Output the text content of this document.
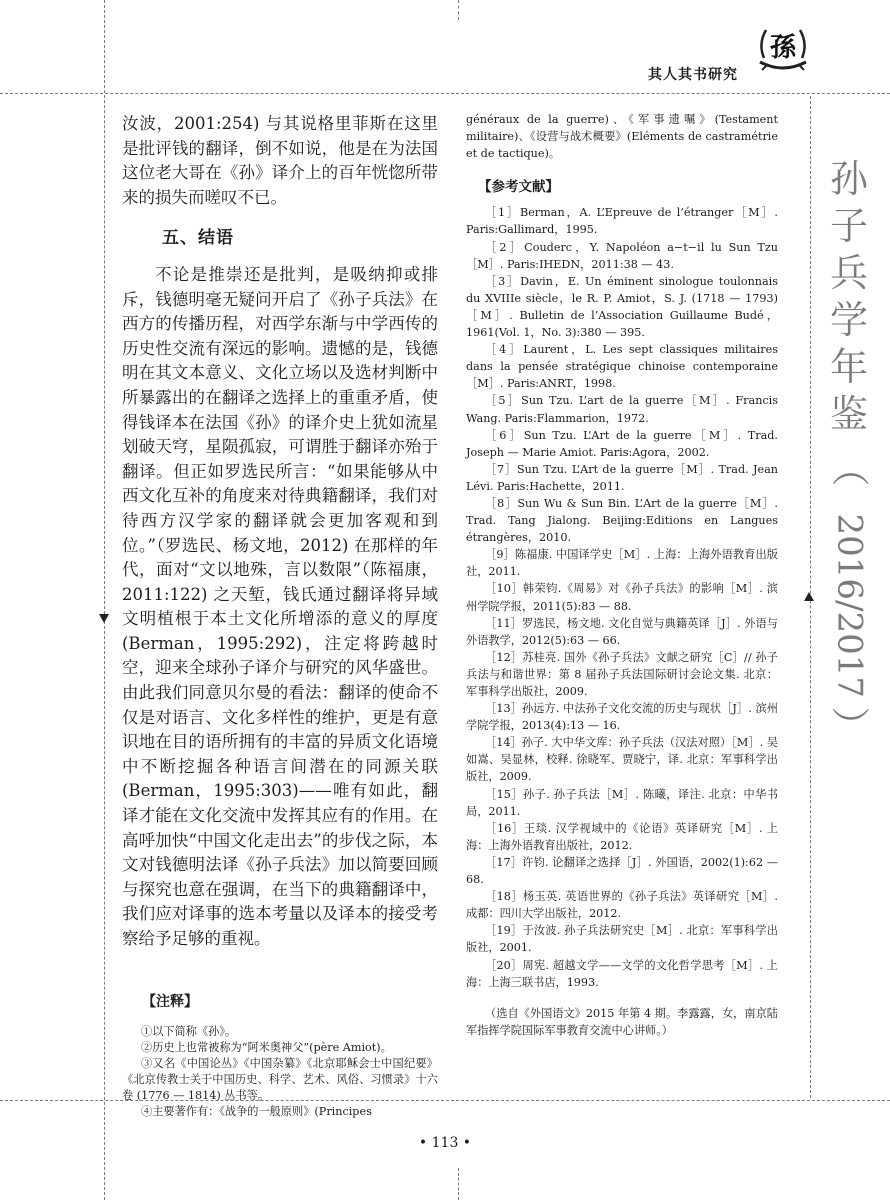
其人其书研究
孫
孙
子
兵
学
年
鉴
（
2016/2017
）

汝波，2001:254) 与其说格里菲斯在这里是批评钱的翻译，倒不如说，他是在为法国这位老大哥在《孙》译介上的百年恍惚所带来的损失而嗟叹不已。

五、结语

不论是推崇还是批判，是吸纳抑或排斥，钱德明毫无疑问开启了《孙子兵法》在西方的传播历程，对西学东渐与中学西传的历史性交流有深远的影响。遗憾的是，钱德明在其文本意义、文化立场以及选材判断中所暴露出的在翻译之选择上的重重矛盾，使得钱译本在法国《孙》的译介史上犹如流星划破天穹，星陨孤寂，可谓胜于翻译亦殆于翻译。但正如罗选民所言：“如果能够从中西文化互补的角度来对待典籍翻译，我们对待西方汉学家的翻译就会更加客观和到位。”（罗选民、杨文地，2012) 在那样的年代，面对“文以地殊，言以数限”（陈福康，2011:122) 之天堑，钱氏通过翻译将异域文明植根于本土文化所增添的意义的厚度 (Berman，1995:292)，注定将跨越时空，迎来全球孙子译介与研究的风华盛世。由此我们同意贝尔曼的看法：翻译的使命不仅是对语言、文化多样性的维护，更是有意识地在目的语所拥有的丰富的异质文化语境中不断挖掘各种语言间潜在的同源关联 (Berman，1995:303)——唯有如此，翻译才能在文化交流中发挥其应有的作用。在高呼加快“中国文化走出去”的步伐之际，本文对钱德明法译《孙子兵法》加以简要回顾与探究也意在强调，在当下的典籍翻译中，我们应对译事的选本考量以及译本的接受考察给予足够的重视。

【注释】

①以下简称《孙》。

②历史上也常被称为“阿米奥神父”(père Amiot)。

③又名《中国论丛》《中国杂纂》《北京耶稣会士中国纪要》《北京传教士关于中国历史、科学、艺术、风俗、习惯录》十六卷 (1776 — 1814) 丛书等。

④主要著作有：《战争的一般原则》(Principes

généraux de la guerre)、《军事遗嘱》(Testament militaire)、《设营与战术概要》(Eléments de castramétrie et de tactique)。

【参考文献】

［1］Berman，A. L’Epreuve de l’étranger［M］. Paris:Gallimard，1995.

［2］Couderc，Y. Napoléon a−t−il lu Sun Tzu［M］. Paris:IHEDN，2011:38 — 43.

［3］Davin，E. Un éminent sinologue toulonnais du XVIIIe siècle，le R. P. Amiot，S. J. (1718 — 1793)［M］. Bulletin de l’Association Guillaume Budé，1961(Vol. 1，No. 3):380 — 395.

［4］Laurent，L. Les sept classiques militaires dans la pensée stratégique chinoise contemporaine［M］. Paris:ANRT，1998.

［5］Sun Tzu. L’art de la guerre［M］. Francis Wang. Paris:Flammarion，1972.

［6］Sun Tzu. L’Art de la guerre［M］. Trad. Joseph — Marie Amiot. Paris:Agora，2002.

［7］Sun Tzu. L’Art de la guerre［M］. Trad. Jean Lévi. Paris:Hachette，2011.

［8］Sun Wu & Sun Bin. L’Art de la guerre［M］. Trad. Tang Jialong. Beijing:Editions en Langues étrangères，2010.

［9］陈福康. 中国译学史［M］. 上海：上海外语教育出版社，2011.

［10］韩荣钧.《周易》对《孙子兵法》的影响［M］. 滨州学院学报，2011(5):83 — 88.

［11］罗选民，杨文地. 文化自觉与典籍英译［J］. 外语与外语教学，2012(5):63 — 66.

［12］苏桂亮. 国外《孙子兵法》文献之研究［C］// 孙子兵法与和谐世界：第 8 届孙子兵法国际研讨会论文集. 北京：军事科学出版社，2009.

［13］孙远方. 中法孙子文化交流的历史与现状［J］. 滨州学院学报，2013(4):13 — 16.

［14］孙子. 大中华文库：孙子兵法（汉法对照）［M］. 吴如嵩、吴显林，校释. 徐晓军、贾晓宁，译. 北京：军事科学出版社，2009.

［15］孙子. 孙子兵法［M］. 陈曦，译注. 北京：中华书局，2011.

［16］王琰. 汉学视域中的《论语》英译研究［M］. 上海：上海外语教育出版社，2012.

［17］许钧. 论翻译之选择［J］. 外国语，2002(1):62 — 68.

［18］杨玉英. 英语世界的《孙子兵法》英译研究［M］. 成都：四川大学出版社，2012.

［19］于汝波. 孙子兵法研究史［M］. 北京：军事科学出版社，2001.

［20］周宪. 超越文学——文学的文化哲学思考［M］. 上海：上海三联书店，1993.

（选自《外国语文》2015 年第 4 期。李露露，女，南京陆军指挥学院国际军事教育交流中心讲师。）

• 113 •
